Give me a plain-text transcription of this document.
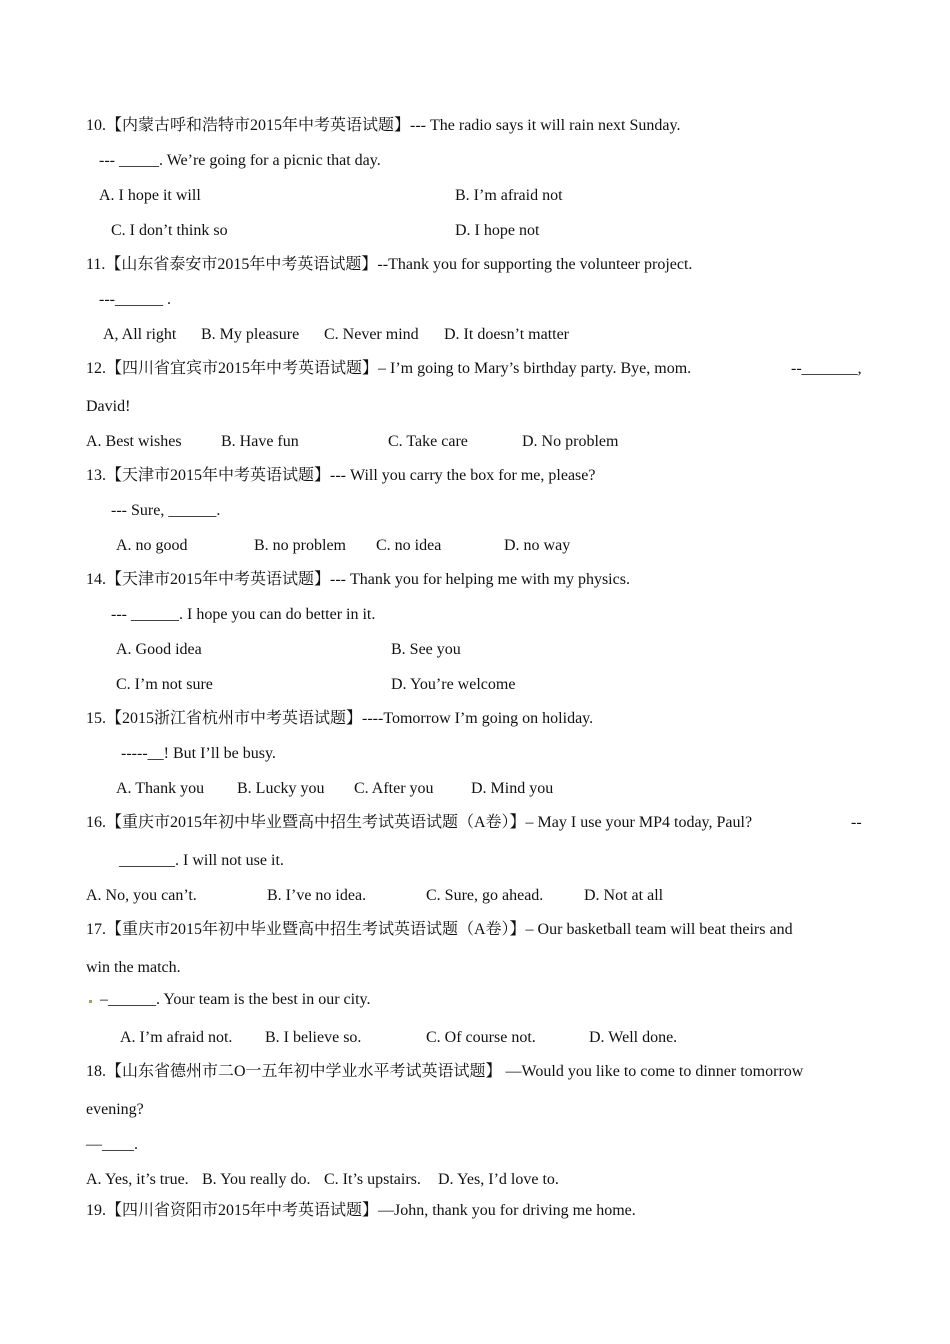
10.【内蒙古呼和浩特市2015年中考英语试题】--- The radio says it will rain next Sunday.
--- _____. We’re going for a picnic that day.
A. I hope it will	B. I’m afraid not
C. I don’t think so	D. I hope not
11.【山东省泰安市2015年中考英语试题】--Thank you for supporting the volunteer project.
---______ .
A, All right B. My pleasure C. Never mind D. It doesn’t matter
12.【四川省宜宾市2015年中考英语试题】– I’m going to Mary’s birthday party. Bye, mom.	--_______,
David!
A. Best wishes B. Have fun	C. Take care	D. No problem
13.【天津市2015年中考英语试题】--- Will you carry the box for me, please?
--- Sure, ______.
A. no good	B. no problem C. no idea	D. no way
14.【天津市2015年中考英语试题】--- Thank you for helping me with my physics.
--- ______. I hope you can do better in it.
A. Good idea	B. See you
C. I’m not sure	D. You’re welcome
15.【2015浙江省杭州市中考英语试题】----Tomorrow I’m going on holiday.
-----__! But I’ll be busy.
A. Thank you B. Lucky you C. After you D. Mind you
16.【重庆市2015年初中毕业暨高中招生考试英语试题（A卷）】– May I use your MP4 today, Paul?	--
_______. I will not use it.
A. No, you can’t.	B. I’ve no idea.	C. Sure, go ahead.	D. Not at all
17.【重庆市2015年初中毕业暨高中招生考试英语试题（A卷）】– Our basketball team will beat theirs and
win the match.
–______. Your team is the best in our city.
A. I’m afraid not. B. I believe so.	C. Of course not.	D. Well done.
18.【山东省德州市二O一五年初中学业水平考试英语试题】 —Would you like to come to dinner tomorrow
evening?
—____.
A. Yes, it’s true. B. You really do. C. It’s upstairs. D. Yes, I’d love to.
19.【四川省资阳市2015年中考英语试题】—John, thank you for driving me home.
